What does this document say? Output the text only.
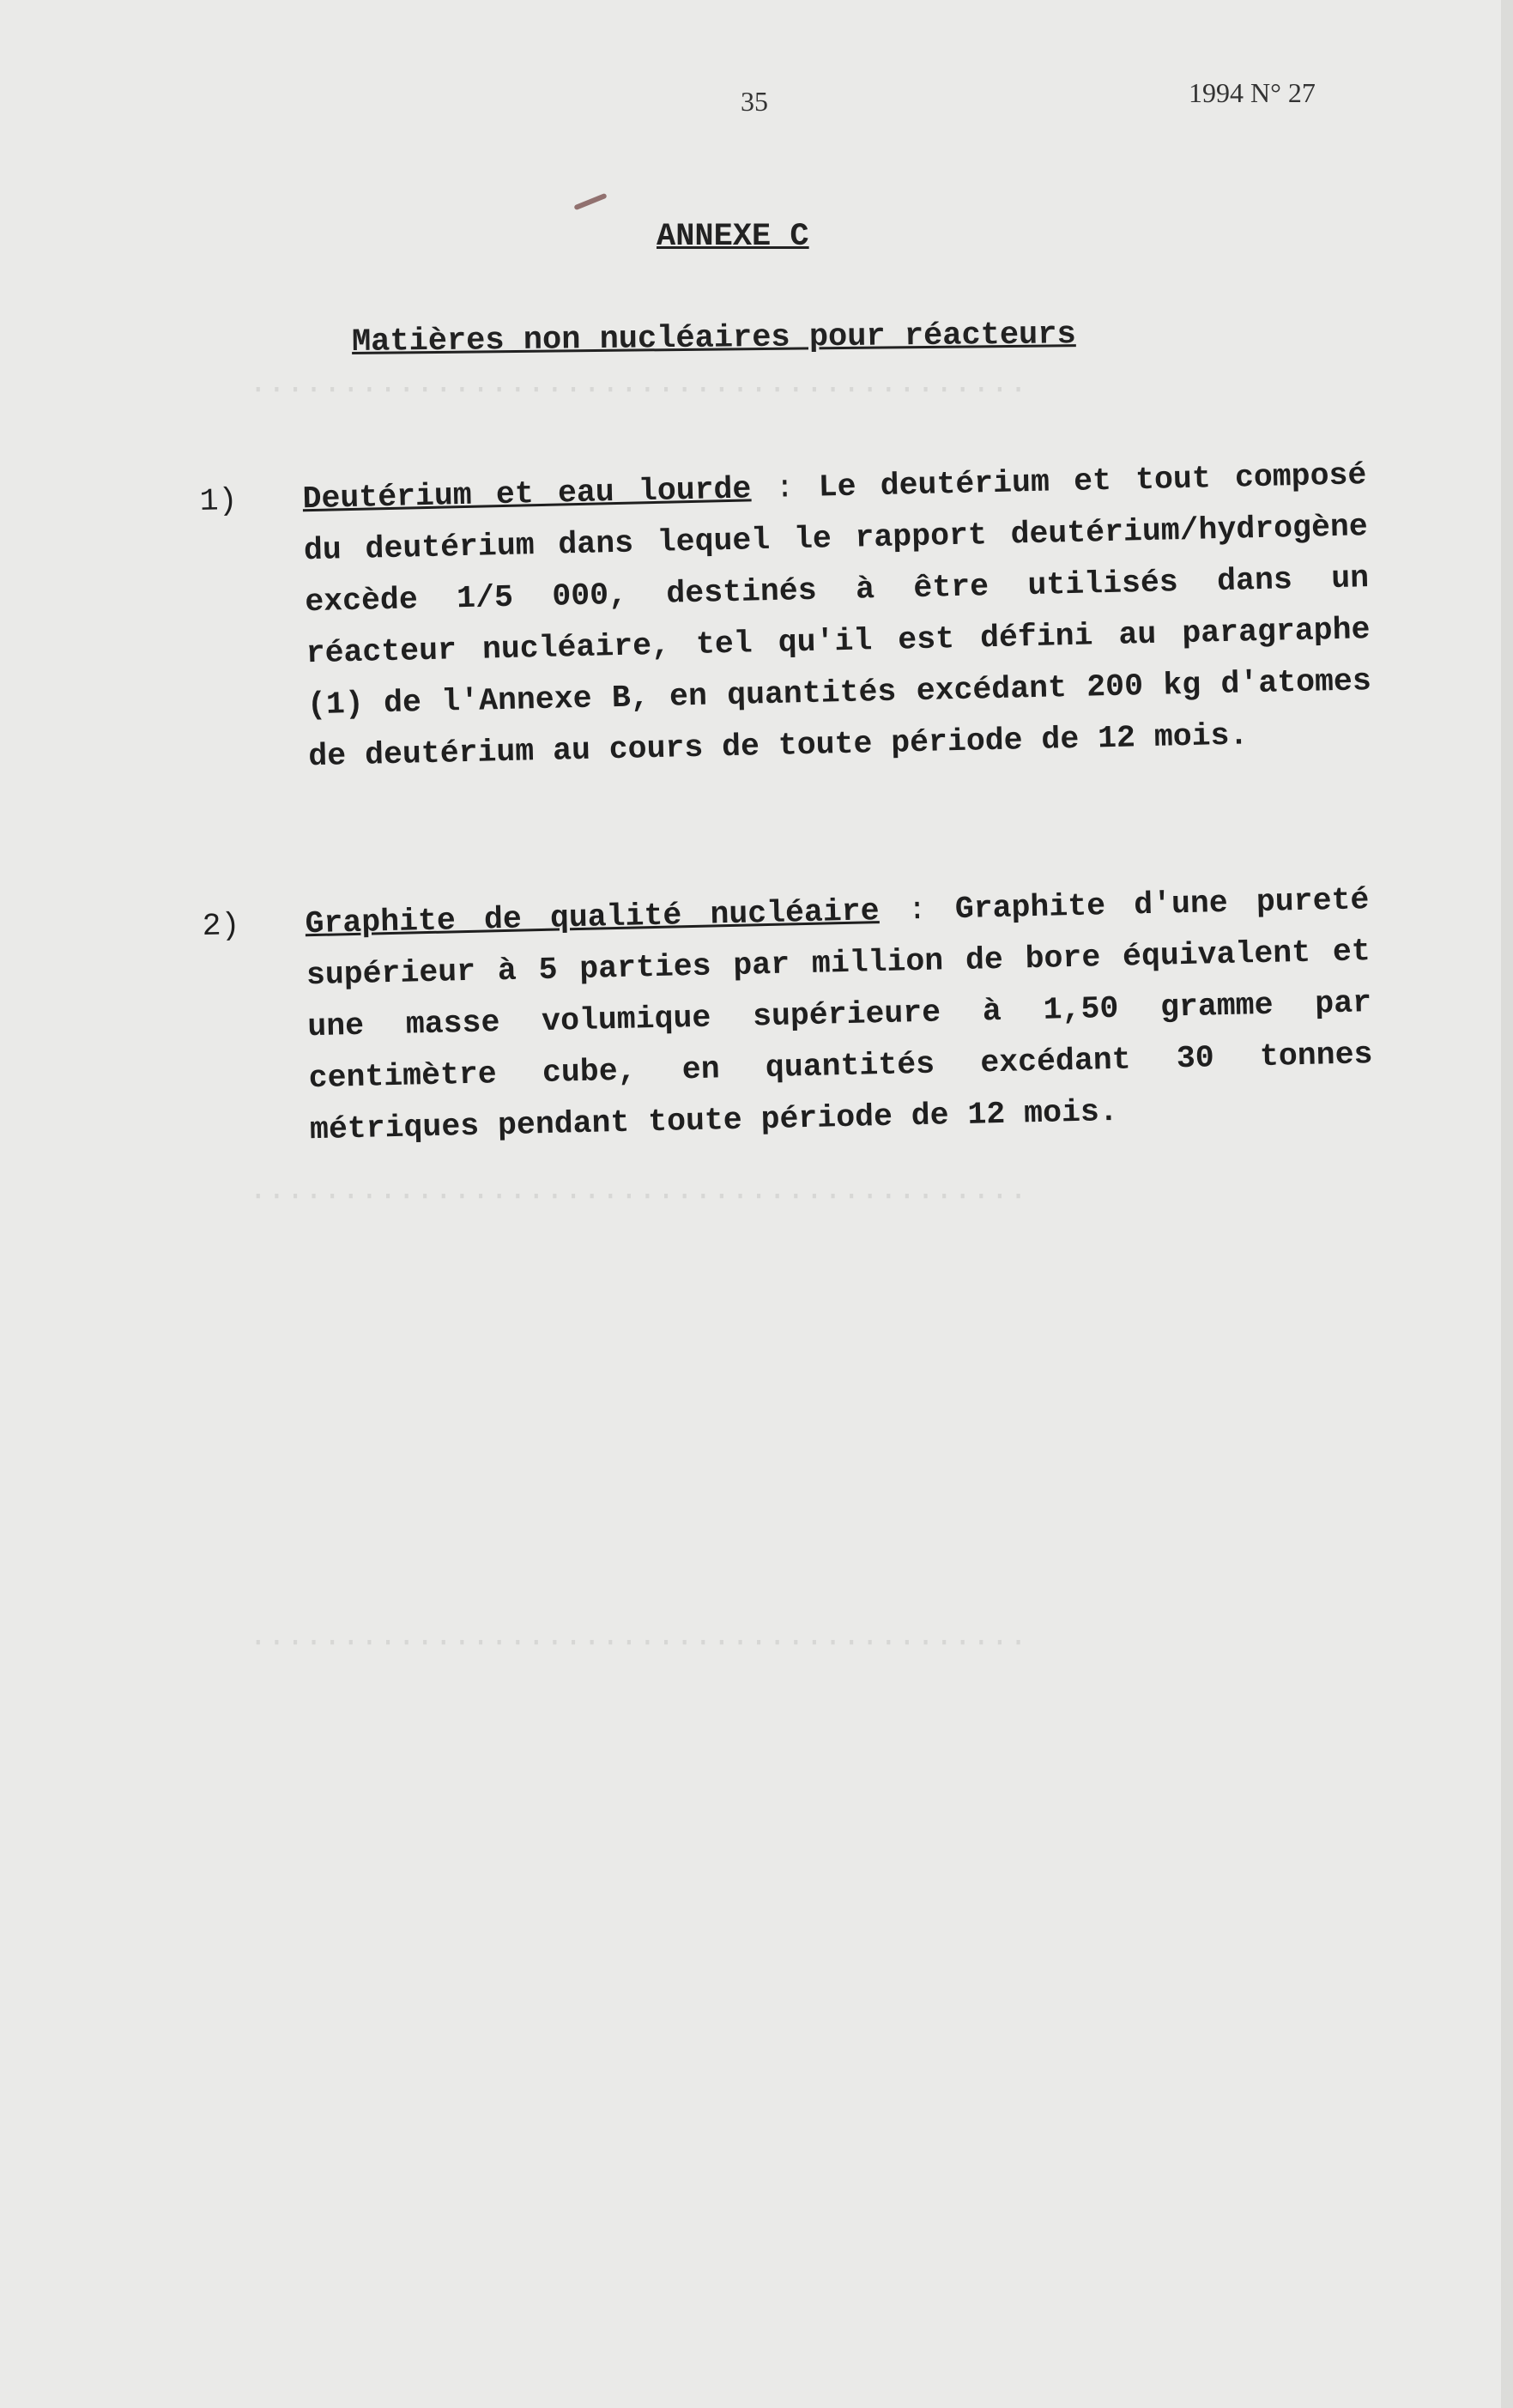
..........................................
..........................................
..........................................
35	1994 N° 27
ANNEXE C
Matières non nucléaires pour réacteurs
1)	Deutérium et eau lourde : Le deutérium et tout composé du deutérium dans lequel le rapport deutérium/hydrogène excède 1/5 000, destinés à être utilisés dans un réacteur nucléaire, tel qu'il est défini au paragraphe (1) de l'Annexe B, en quantités excédant 200 kg d'atomes de deutérium au cours de toute période de 12 mois.
2)	Graphite de qualité nucléaire : Graphite d'une pureté supérieur à 5 parties par million de bore équivalent et une masse volumique supérieure à 1,50 gramme par centimètre cube, en quantités excédant 30 tonnes métriques pendant toute période de 12 mois.
